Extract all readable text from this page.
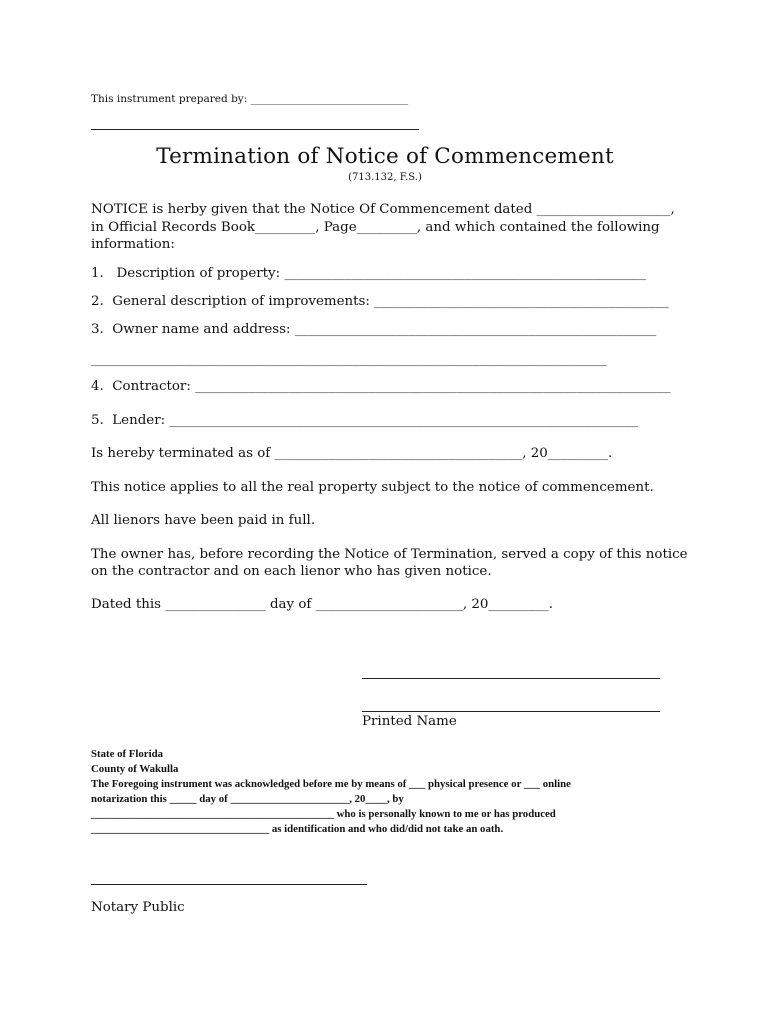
This instrument prepared by: ______________________________
Termination of Notice of Commencement
(713.132, F.S.)
NOTICE is herby given that the Notice Of Commencement dated ____________________,
in Official Records Book_________, Page_________, and which contained the following
information:
1.   Description of property: ______________________________________________________
2.  General description of improvements: ____________________________________________
3.  Owner name and address: ______________________________________________________
_____________________________________________________________________________
4.  Contractor: _______________________________________________________________________
5.  Lender: ______________________________________________________________________
Is hereby terminated as of _____________________________________, 20_________.
This notice applies to all the real property subject to the notice of commencement.
All lienors have been paid in full.
The owner has, before recording the Notice of Termination, served a copy of this notice
on the contractor and on each lienor who has given notice.
Dated this _______________ day of ______________________, 20_________.
Printed Name
State of Florida
County of Wakulla
The Foregoing instrument was acknowledged before me by means of ___ physical presence or ___ online
notarization this _____ day of ______________________, 20____, by
_____________________________________________ who is personally known to me or has produced
_________________________________ as identification and who did/did not take an oath.
Notary Public
